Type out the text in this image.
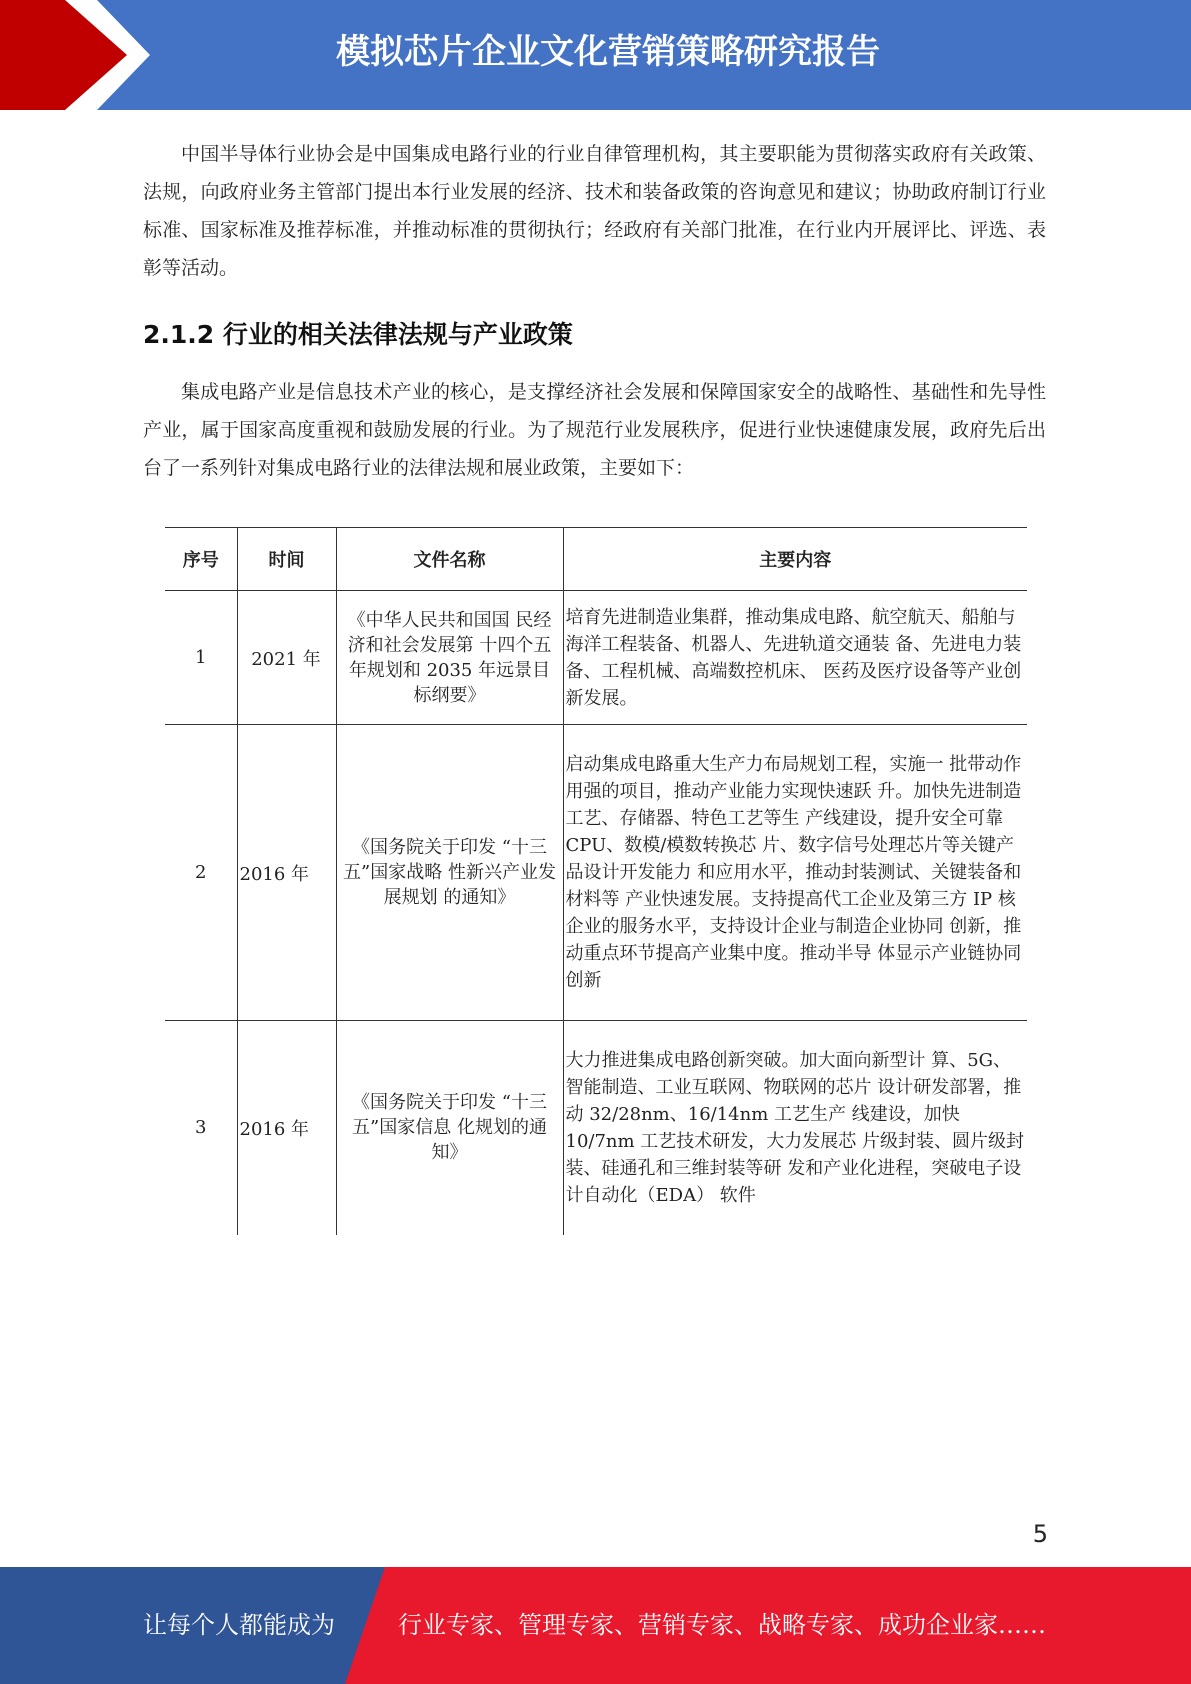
模拟芯片企业文化营销策略研究报告

中国半导体行业协会是中国集成电路行业的行业自律管理机构，其主要职能为贯彻落实政府有关政策、法规，向政府业务主管部门提出本行业发展的经济、技术和装备政策的咨询意见和建议；协助政府制订行业标准、国家标准及推荐标准，并推动标准的贯彻执行；经政府有关部门批准，在行业内开展评比、评选、表彰等活动。

2.1.2 行业的相关法律法规与产业政策

集成电路产业是信息技术产业的核心，是支撑经济社会发展和保障国家安全的战略性、基础性和先导性产业，属于国家高度重视和鼓励发展的行业。为了规范行业发展秩序，促进行业快速健康发展，政府先后出台了一系列针对集成电路行业的法律法规和展业政策，主要如下：

序号	时间	文件名称	主要内容
1	2021 年	《中华人民共和国国 民经济和社会发展第 十四个五年规划和 2035 年远景目标纲要》	培育先进制造业集群，推动集成电路、航空航天、船舶与海洋工程装备、机器人、先进轨道交通装 备、先进电力装备、工程机械、高端数控机床、 医药及医疗设备等产业创新发展。
2	2016 年	《国务院关于印发 “十三五”国家战略 性新兴产业发展规划 的通知》	启动集成电路重大生产力布局规划工程，实施一 批带动作用强的项目，推动产业能力实现快速跃 升。加快先进制造工艺、存储器、特色工艺等生 产线建设，提升安全可靠 CPU、数模/模数转换芯 片、数字信号处理芯片等关键产品设计开发能力 和应用水平，推动封装测试、关键装备和材料等 产业快速发展。支持提高代工企业及第三方 IP 核 企业的服务水平，支持设计企业与制造企业协同 创新，推动重点环节提高产业集中度。推动半导 体显示产业链协同创新
3	2016 年	《国务院关于印发 “十三五”国家信息 化规划的通知》	大力推进集成电路创新突破。加大面向新型计 算、5G、智能制造、工业互联网、物联网的芯片 设计研发部署，推动 32/28nm、16/14nm 工艺生产 线建设，加快 10/7nm 工艺技术研发，大力发展芯 片级封装、圆片级封装、硅通孔和三维封装等研 发和产业化进程，突破电子设计自动化（EDA） 软件
5
让每个人都能成为	行业专家、管理专家、营销专家、战略专家、成功企业家……
